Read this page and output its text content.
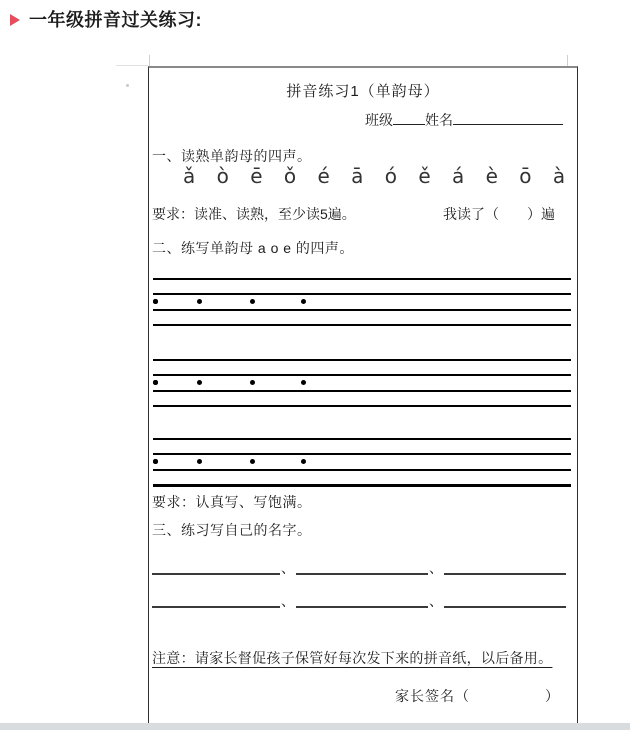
一年级拼音过关练习:
拼音练习1（单韵母）
班级 姓名
一、读熟单韵母的四声。
ǎ ò ē ǒ é ā ó ě á è ō à
要求：读准、读熟，至少读5遍。	我读了（　　）遍
二、练写单韵母 a o e 的四声。
要求：认真写、写饱满。
三、练习写自己的名字。
、	、
、	、
注意：请家长督促孩子保管好每次发下来的拼音纸，以后备用。
家长签名（　　　　　）
